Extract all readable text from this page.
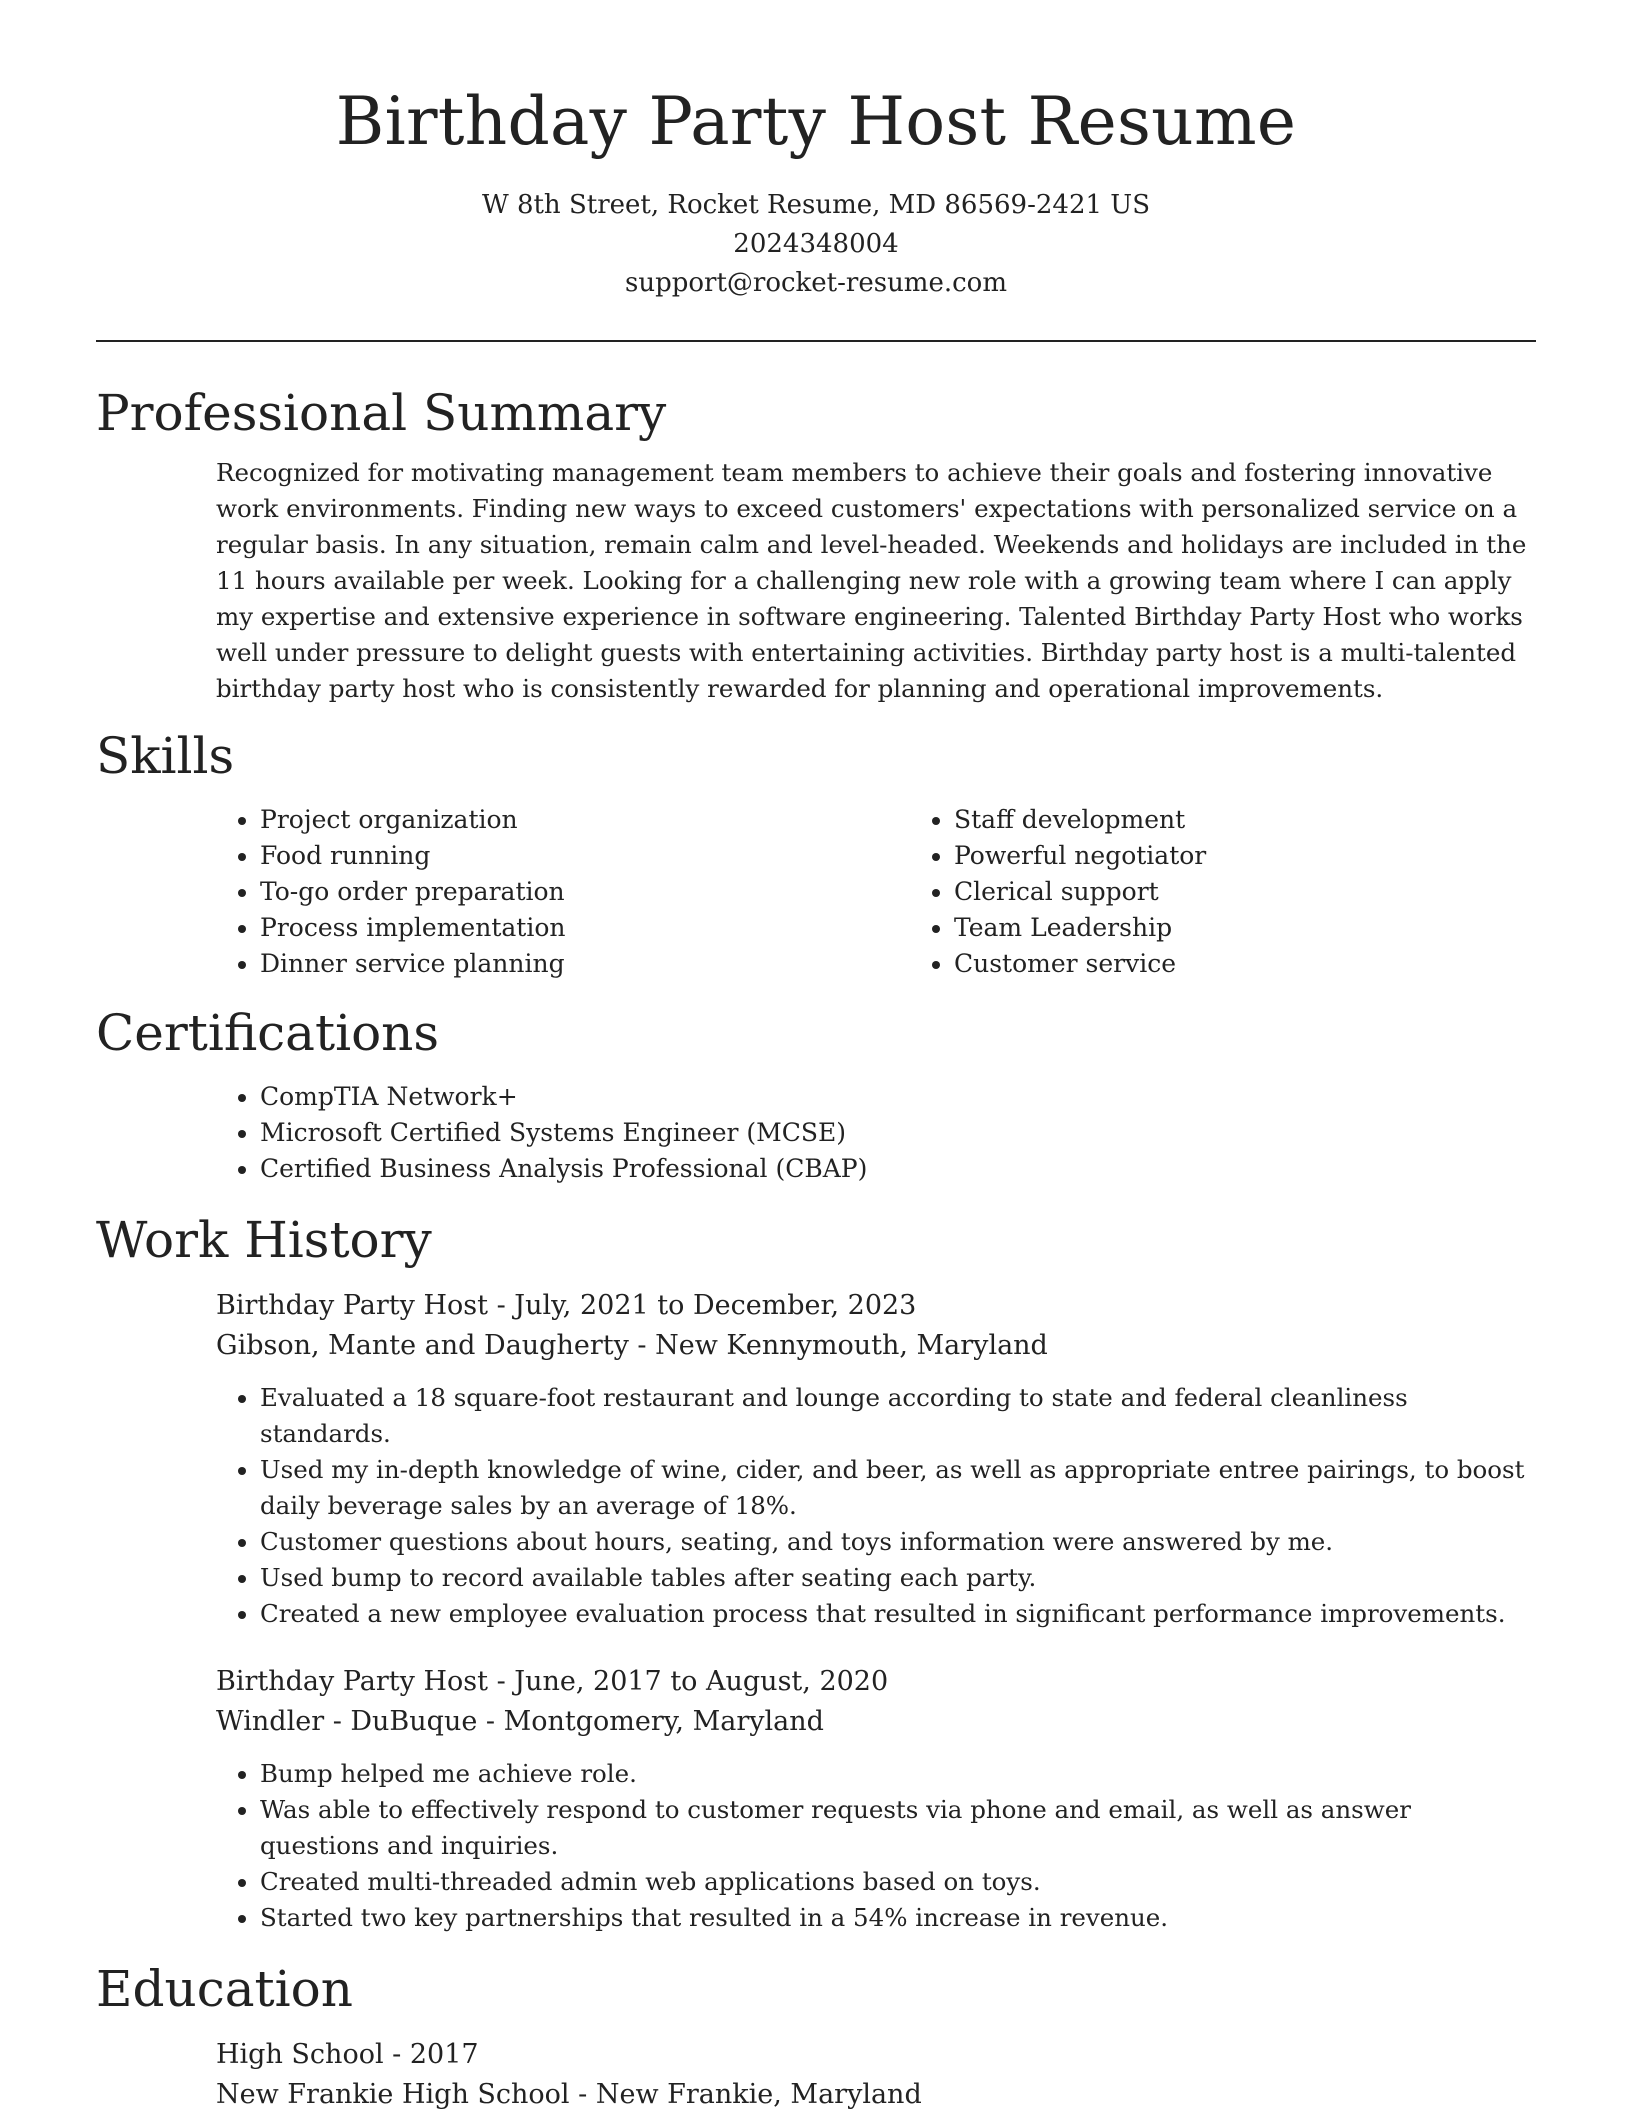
Birthday Party Host Resume
W 8th Street, Rocket Resume, MD 86569-2421 US
2024348004
support@rocket-resume.com
Professional Summary
Recognized for motivating management team members to achieve their goals and fostering innovative work environments. Finding new ways to exceed customers' expectations with personalized service on a regular basis. In any situation, remain calm and level-headed. Weekends and holidays are included in the 11 hours available per week. Looking for a challenging new role with a growing team where I can apply my expertise and extensive experience in software engineering. Talented Birthday Party Host who works well under pressure to delight guests with entertaining activities. Birthday party host is a multi-talented birthday party host who is consistently rewarded for planning and operational improvements.
Skills
• Project organization
• Food running
• To-go order preparation
• Process implementation
• Dinner service planning
• Staff development
• Powerful negotiator
• Clerical support
• Team Leadership
• Customer service
Certifications
• CompTIA Network+
• Microsoft Certified Systems Engineer (MCSE)
• Certified Business Analysis Professional (CBAP)
Work History
Birthday Party Host - July, 2021 to December, 2023
Gibson, Mante and Daugherty - New Kennymouth, Maryland
• Evaluated a 18 square-foot restaurant and lounge according to state and federal cleanliness standards.
• Used my in-depth knowledge of wine, cider, and beer, as well as appropriate entree pairings, to boost daily beverage sales by an average of 18%.
• Customer questions about hours, seating, and toys information were answered by me.
• Used bump to record available tables after seating each party.
• Created a new employee evaluation process that resulted in significant performance improvements.
Birthday Party Host - June, 2017 to August, 2020
Windler - DuBuque - Montgomery, Maryland
• Bump helped me achieve role.
• Was able to effectively respond to customer requests via phone and email, as well as answer questions and inquiries.
• Created multi-threaded admin web applications based on toys.
• Started two key partnerships that resulted in a 54% increase in revenue.
Education
High School - 2017
New Frankie High School - New Frankie, Maryland
